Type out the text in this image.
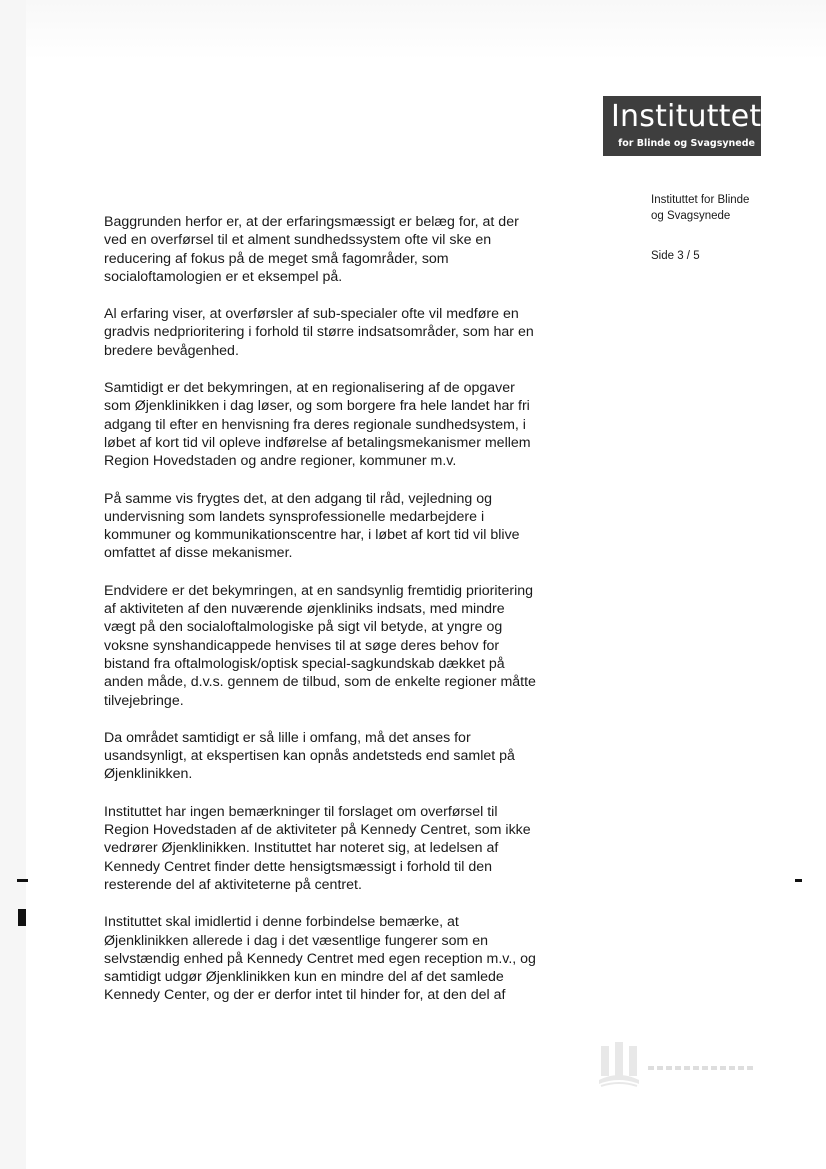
Instituttet
for Blinde og Svagsynede
Instituttet for Blinde og Svagsynede
Side 3 / 5

Baggrunden herfor er, at der erfaringsmæssigt er belæg for, at der
ved en overførsel til et alment sundhedssystem ofte vil ske en
reducering af fokus på de meget små fagområder, som
socialoftamologien er et eksempel på.

Al erfaring viser, at overførsler af sub-specialer ofte vil medføre en
gradvis nedprioritering i forhold til større indsatsområder, som har en
bredere bevågenhed.

Samtidigt er det bekymringen, at en regionalisering af de opgaver
som Øjenklinikken i dag løser, og som borgere fra hele landet har fri
adgang til efter en henvisning fra deres regionale sundhedsystem, i
løbet af kort tid vil opleve indførelse af betalingsmekanismer mellem
Region Hovedstaden og andre regioner, kommuner m.v.

På samme vis frygtes det, at den adgang til råd, vejledning og
undervisning som landets synsprofessionelle medarbejdere i
kommuner og kommunikationscentre har, i løbet af kort tid vil blive
omfattet af disse mekanismer.

Endvidere er det bekymringen, at en sandsynlig fremtidig prioritering
af aktiviteten af den nuværende øjenkliniks indsats, med mindre
vægt på den socialoftalmologiske på sigt vil betyde, at yngre og
voksne synshandicappede henvises til at søge deres behov for
bistand fra oftalmologisk/optisk special-sagkundskab dækket på
anden måde, d.v.s. gennem de tilbud, som de enkelte regioner måtte
tilvejebringe.

Da området samtidigt er så lille i omfang, må det anses for
usandsynligt, at ekspertisen kan opnås andetsteds end samlet på
Øjenklinikken.

Instituttet har ingen bemærkninger til forslaget om overførsel til
Region Hovedstaden af de aktiviteter på Kennedy Centret, som ikke
vedrører Øjenklinikken. Instituttet har noteret sig, at ledelsen af
Kennedy Centret finder dette hensigtsmæssigt i forhold til den
resterende del af aktiviteterne på centret.

Instituttet skal imidlertid i denne forbindelse bemærke, at
Øjenklinikken allerede i dag i det væsentlige fungerer som en
selvstændig enhed på Kennedy Centret med egen reception m.v., og
samtidigt udgør Øjenklinikken kun en mindre del af det samlede
Kennedy Center, og der er derfor intet til hinder for, at den del af
